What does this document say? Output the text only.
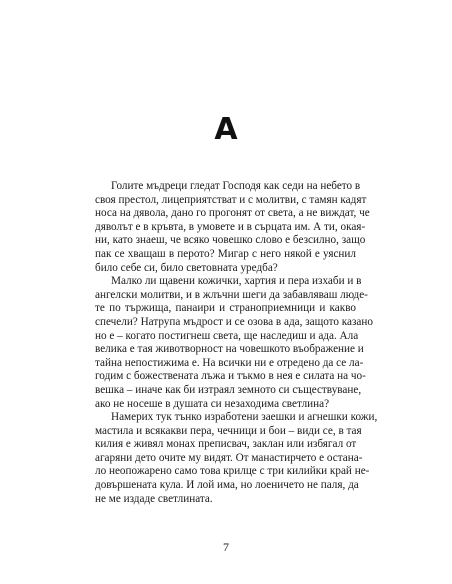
А
Голите мъдреци гледат Господя как седи на небето в
своя престол, лицеприятстват и с молитви, с тамян кадят
носа на дявола, дано го прогонят от света, а не виждат, че
дяволът е в кръвта, в умовете и в сърцата им. А ти, окая-
ни, като знаеш, че всяко човешко слово е безсилно, защо
пак се хващаш в перото? Мигар с него някой е уяснил
било себе си, било световната уредба?
Малко ли щавени кожички, хартия и пера изхаби и в
ангелски молитви, и в жлъчни шеги да забавляваш люде-
те по тържища, панаири и страноприемници и какво
спечели? Натрупа мъдрост и се озова в ада, защото казано
но е – когато постигнеш света, ще наследиш и ада. Ала
велика е тая животворност на човешкото въображение и
тайна непостижима е. На всички ни е отредено да се ла-
годим с божествената лъжа и тъкмо в нея е силата на чо-
вешка – иначе как би изтраял земното си съществуване,
ако не носеше в душата си незаходима светлина?
Намерих тук тънко изработени заешки и агнешки кожи,
мастила и всякакви пера, чечници и бои – види се, в тая
килия е живял монах преписвач, заклан или избягал от
агаряни дето очите му видят. От манастирчето е остана-
ло неопожарено само това крилце с три килийки край не-
довършената кула. И лой има, но лоеничето не паля, да
не ме издаде светлината.
7
